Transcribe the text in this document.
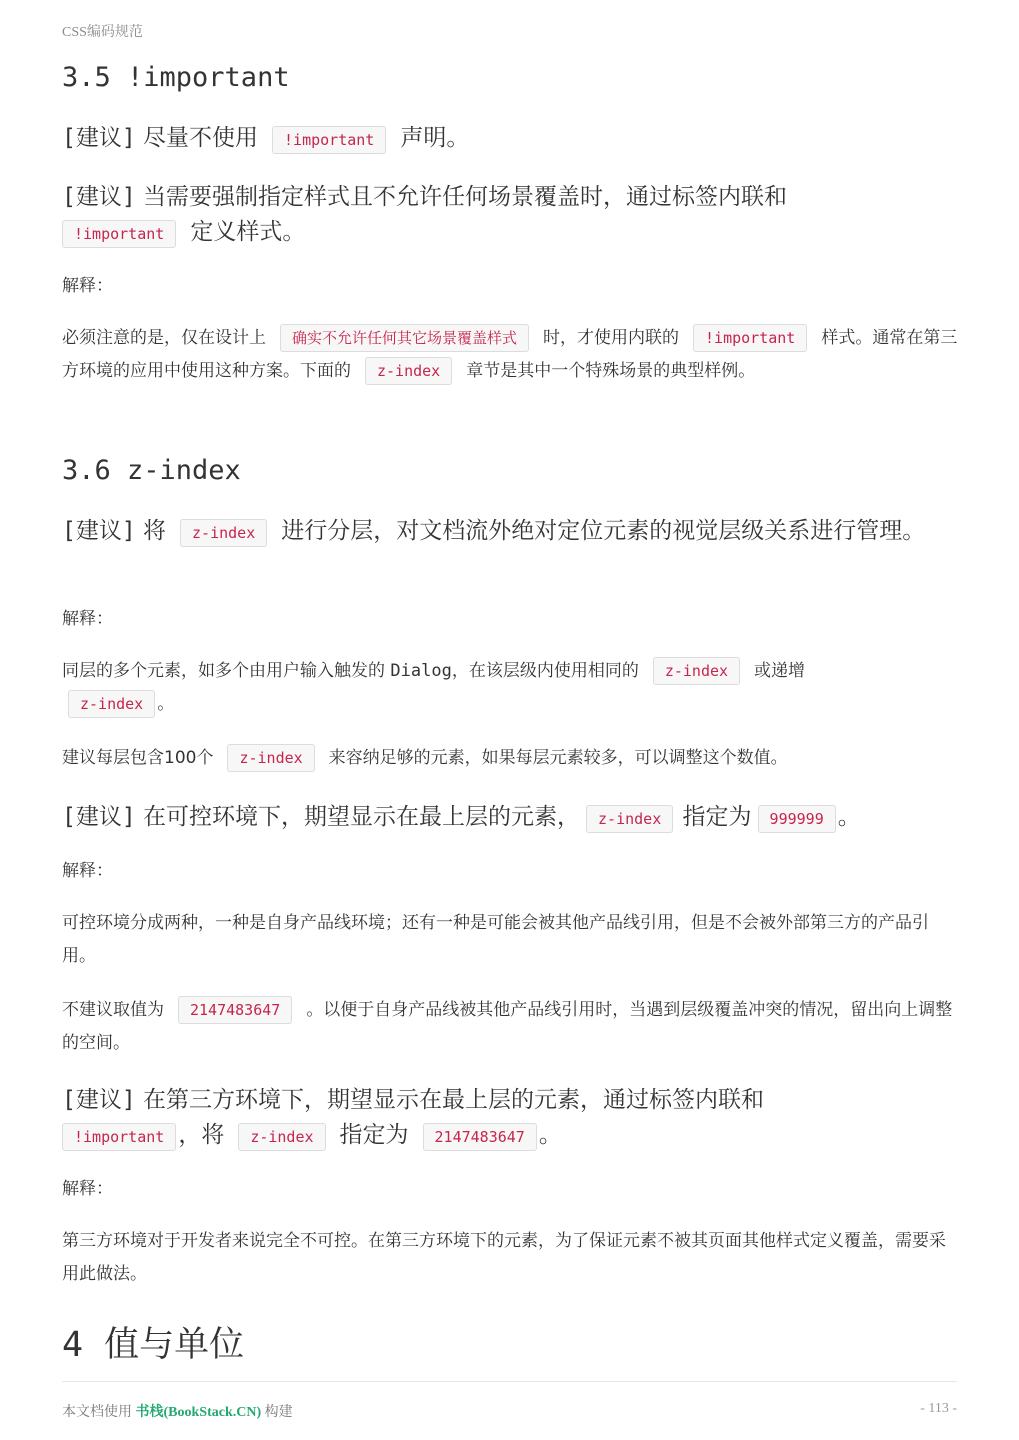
CSS编码规范
3.5 !important

[建议] 尽量不使用 !important 声明。

[建议] 当需要强制指定样式且不允许任何场景覆盖时，通过标签内联和
!important 定义样式。

解释：

必须注意的是，仅在设计上 确实不允许任何其它场景覆盖样式 时，才使用内联的 !important 样式。通常在第三方环境的应用中使用这种方案。下面的 z-index 章节是其中一个特殊场景的典型样例。

3.6 z-index

[建议] 将 z-index 进行分层，对文档流外绝对定位元素的视觉层级关系进行管理。

解释：

同层的多个元素，如多个由用户输入触发的 Dialog，在该层级内使用相同的 z-index 或递增
z-index 。

建议每层包含100个 z-index 来容纳足够的元素，如果每层元素较多，可以调整这个数值。

[建议] 在可控环境下，期望显示在最上层的元素， z-index 指定为 999999 。

解释：

可控环境分成两种，一种是自身产品线环境；还有一种是可能会被其他产品线引用，但是不会被外部第三方的产品引用。

不建议取值为 2147483647 。以便于自身产品线被其他产品线引用时，当遇到层级覆盖冲突的情况，留出向上调整的空间。

[建议] 在第三方环境下，期望显示在最上层的元素，通过标签内联和
!important ，将 z-index 指定为 2147483647 。

解释：

第三方环境对于开发者来说完全不可控。在第三方环境下的元素，为了保证元素不被其页面其他样式定义覆盖，需要采用此做法。

4 值与单位
本文档使用 书栈(BookStack.CN) 构建	- 113 -
